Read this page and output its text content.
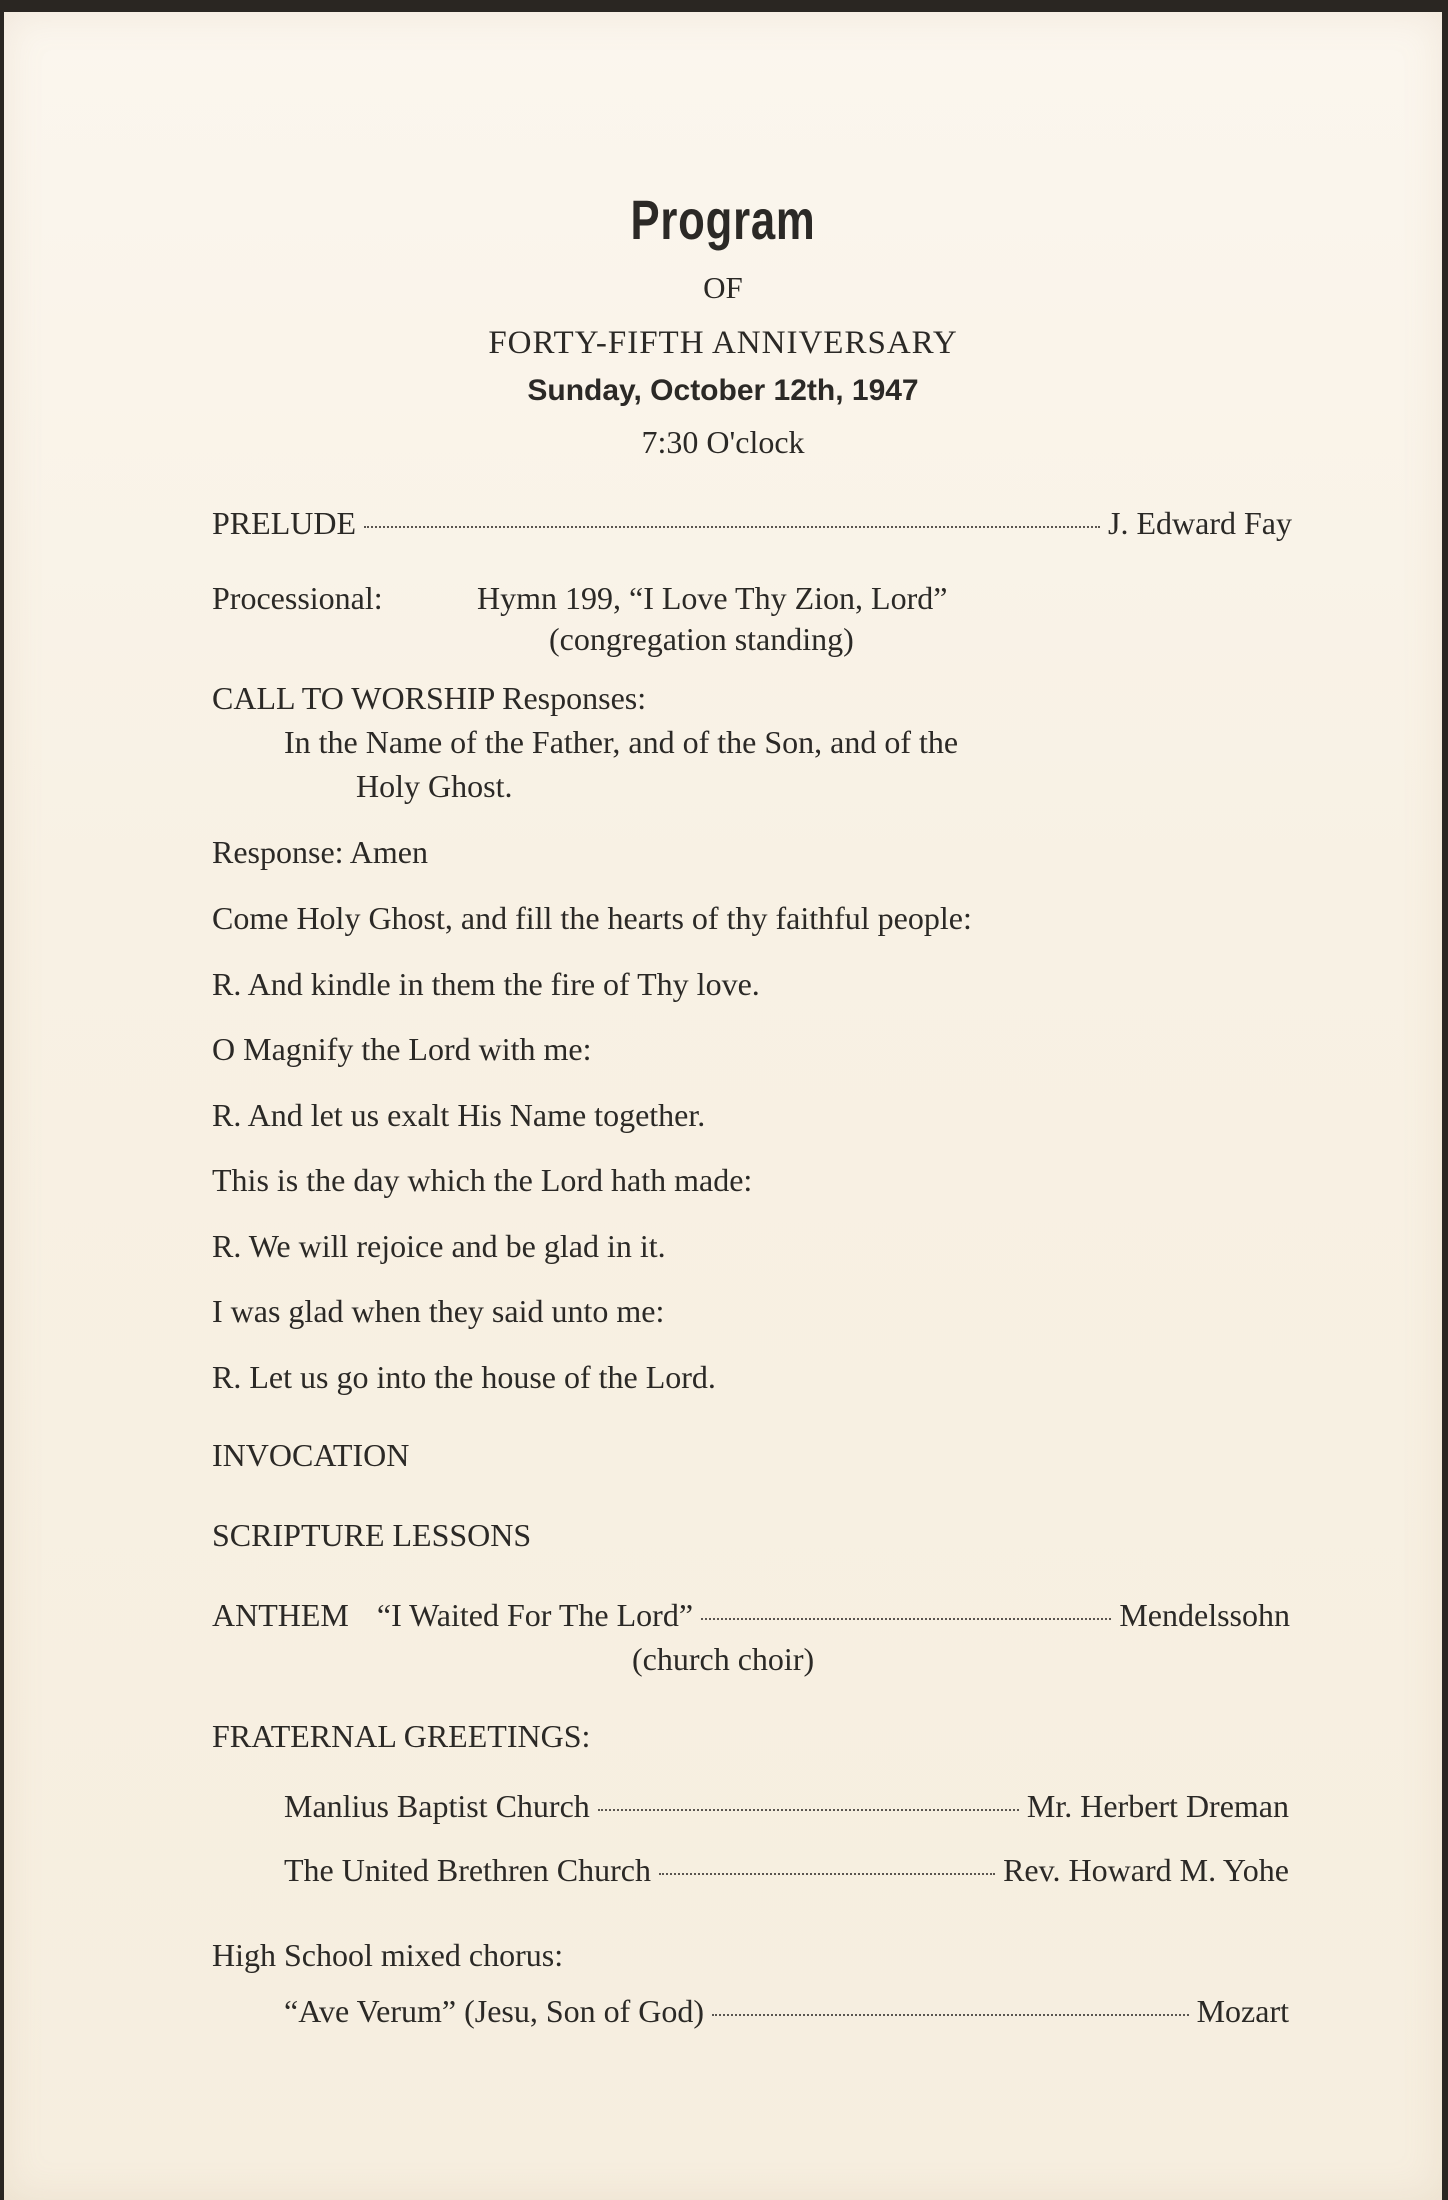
Program
OF
FORTY-FIFTH ANNIVERSARY
Sunday, October 12th, 1947
7:30 O'clock
PRELUDE	J. Edward Fay
Processional:	Hymn 199, “I Love Thy Zion, Lord”
(congregation standing)
CALL TO WORSHIP Responses:
In the Name of the Father, and of the Son, and of the
Holy Ghost.
Response: Amen
Come Holy Ghost, and fill the hearts of thy faithful people:
R. And kindle in them the fire of Thy love.
O Magnify the Lord with me:
R. And let us exalt His Name together.
This is the day which the Lord hath made:
R. We will rejoice and be glad in it.
I was glad when they said unto me:
R. Let us go into the house of the Lord.
INVOCATION
SCRIPTURE LESSONS
ANTHEM “I Waited For The Lord”	Mendelssohn
(church choir)
FRATERNAL GREETINGS:
Manlius Baptist Church	Mr. Herbert Dreman
The United Brethren Church	Rev. Howard M. Yohe
High School mixed chorus:
“Ave Verum” (Jesu, Son of God)	Mozart
